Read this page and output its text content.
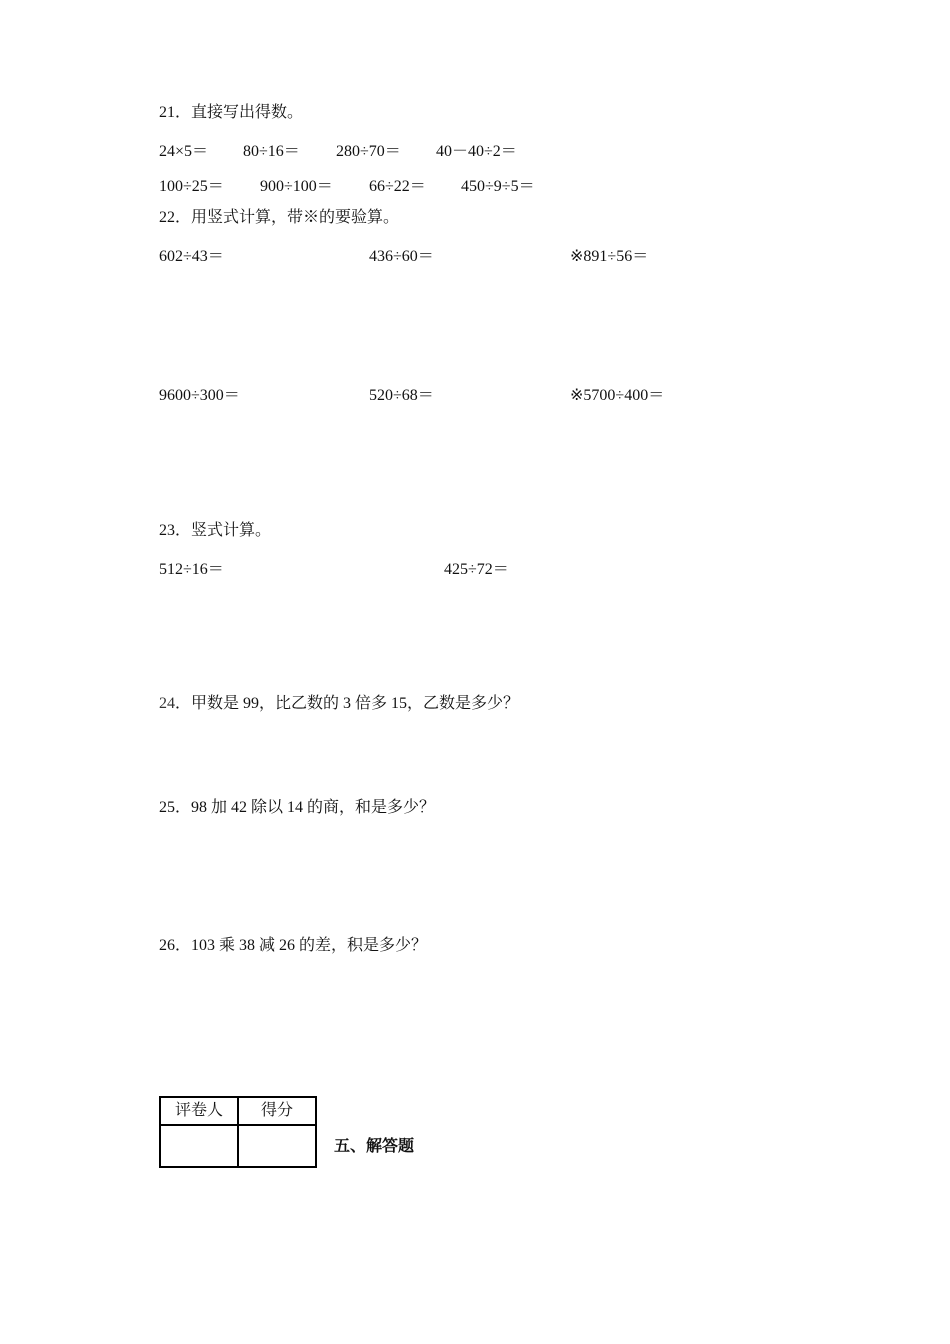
21．直接写出得数。
24×5＝ 80÷16＝ 280÷70＝ 40－40÷2＝
100÷25＝ 900÷100＝ 66÷22＝ 450÷9÷5＝
22．用竖式计算，带※的要验算。
602÷43＝	436÷60＝	※891÷56＝
9600÷300＝	520÷68＝	※5700÷400＝
23．竖式计算。
512÷16＝	425÷72＝
24．甲数是 99，比乙数的 3 倍多 15，乙数是多少？
25．98 加 42 除以 14 的商，和是多少？
26．103 乘 38 减 26 的差，积是多少？
评卷人	得分

五、解答题
